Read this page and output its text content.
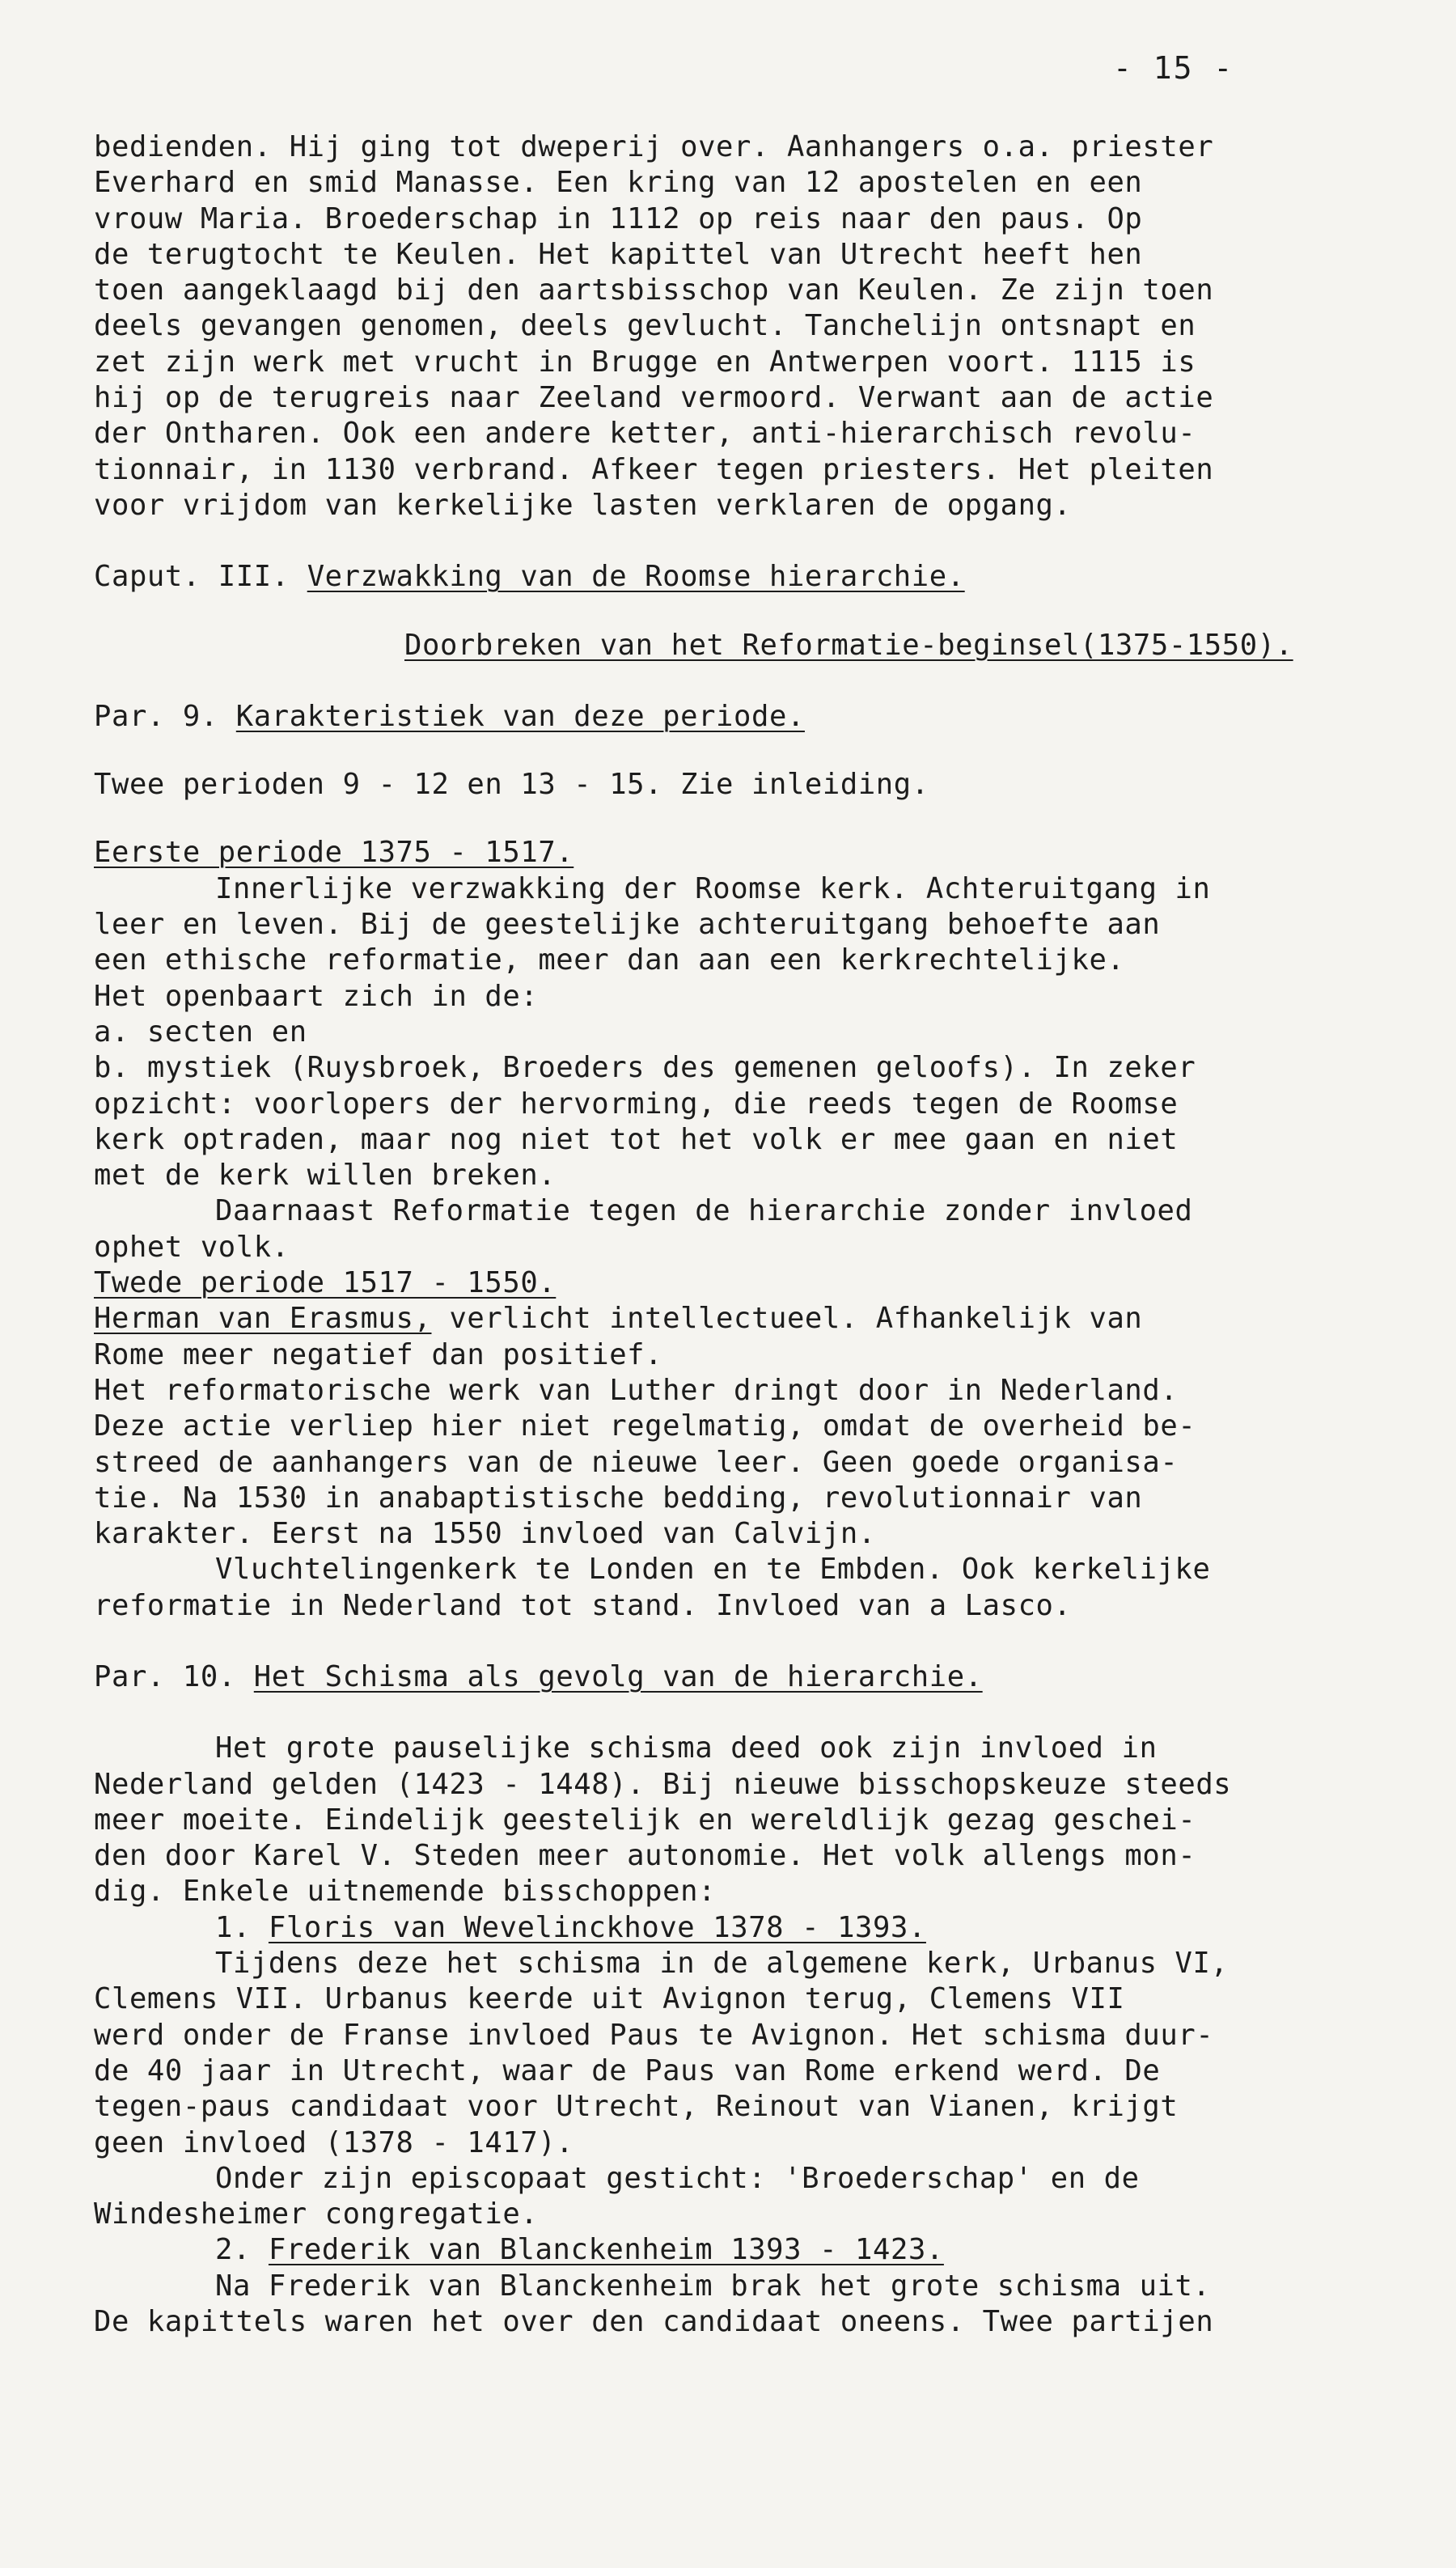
- 15 -
bedienden. Hij ging tot dweperij over. Aanhangers o.a. priester
Everhard en smid Manasse. Een kring van 12 apostelen en een
vrouw Maria. Broederschap in 1112 op reis naar den paus. Op
de terugtocht te Keulen. Het kapittel van Utrecht heeft hen
toen aangeklaagd bij den aartsbisschop van Keulen. Ze zijn toen
deels gevangen genomen, deels gevlucht. Tanchelijn ontsnapt en
zet zijn werk met vrucht in Brugge en Antwerpen voort. 1115 is
hij op de terugreis naar Zeeland vermoord. Verwant aan de actie
der Ontharen. Ook een andere ketter, anti-hierarchisch revolu-
tionnair, in 1130 verbrand. Afkeer tegen priesters. Het pleiten
voor vrijdom van kerkelijke lasten verklaren de opgang.
Caput. III. Verzwakking van de Roomse hierarchie.
Doorbreken van het Reformatie-beginsel(1375-1550).
Par. 9. Karakteristiek van deze periode.
Twee perioden 9 - 12 en 13 - 15. Zie inleiding.
Eerste periode 1375 - 1517.
Innerlijke verzwakking der Roomse kerk. Achteruitgang in
leer en leven. Bij de geestelijke achteruitgang behoefte aan
een ethische reformatie, meer dan aan een kerkrechtelijke.
Het openbaart zich in de:
a. secten en
b. mystiek (Ruysbroek, Broeders des gemenen geloofs). In zeker
opzicht: voorlopers der hervorming, die reeds tegen de Roomse
kerk optraden, maar nog niet tot het volk er mee gaan en niet
met de kerk willen breken.
Daarnaast Reformatie tegen de hierarchie zonder invloed
ophet volk.
Twede periode 1517 - 1550.
Herman van Erasmus, verlicht intellectueel. Afhankelijk van
Rome meer negatief dan positief.
Het reformatorische werk van Luther dringt door in Nederland.
Deze actie verliep hier niet regelmatig, omdat de overheid be-
streed de aanhangers van de nieuwe leer. Geen goede organisa-
tie. Na 1530 in anabaptistische bedding, revolutionnair van
karakter. Eerst na 1550 invloed van Calvijn.
Vluchtelingenkerk te Londen en te Embden. Ook kerkelijke
reformatie in Nederland tot stand. Invloed van a Lasco.
Par. 10. Het Schisma als gevolg van de hierarchie.
Het grote pauselijke schisma deed ook zijn invloed in
Nederland gelden (1423 - 1448). Bij nieuwe bisschopskeuze steeds
meer moeite. Eindelijk geestelijk en wereldlijk gezag geschei-
den door Karel V. Steden meer autonomie. Het volk allengs mon-
dig. Enkele uitnemende bisschoppen:
1. Floris van Wevelinckhove 1378 - 1393.
Tijdens deze het schisma in de algemene kerk, Urbanus VI,
Clemens VII. Urbanus keerde uit Avignon terug, Clemens VII
werd onder de Franse invloed Paus te Avignon. Het schisma duur-
de 40 jaar in Utrecht, waar de Paus van Rome erkend werd. De
tegen-paus candidaat voor Utrecht, Reinout van Vianen, krijgt
geen invloed (1378 - 1417).
Onder zijn episcopaat gesticht: 'Broederschap' en de
Windesheimer congregatie.
2. Frederik van Blanckenheim 1393 - 1423.
Na Frederik van Blanckenheim brak het grote schisma uit.
De kapittels waren het over den candidaat oneens. Twee partijen
